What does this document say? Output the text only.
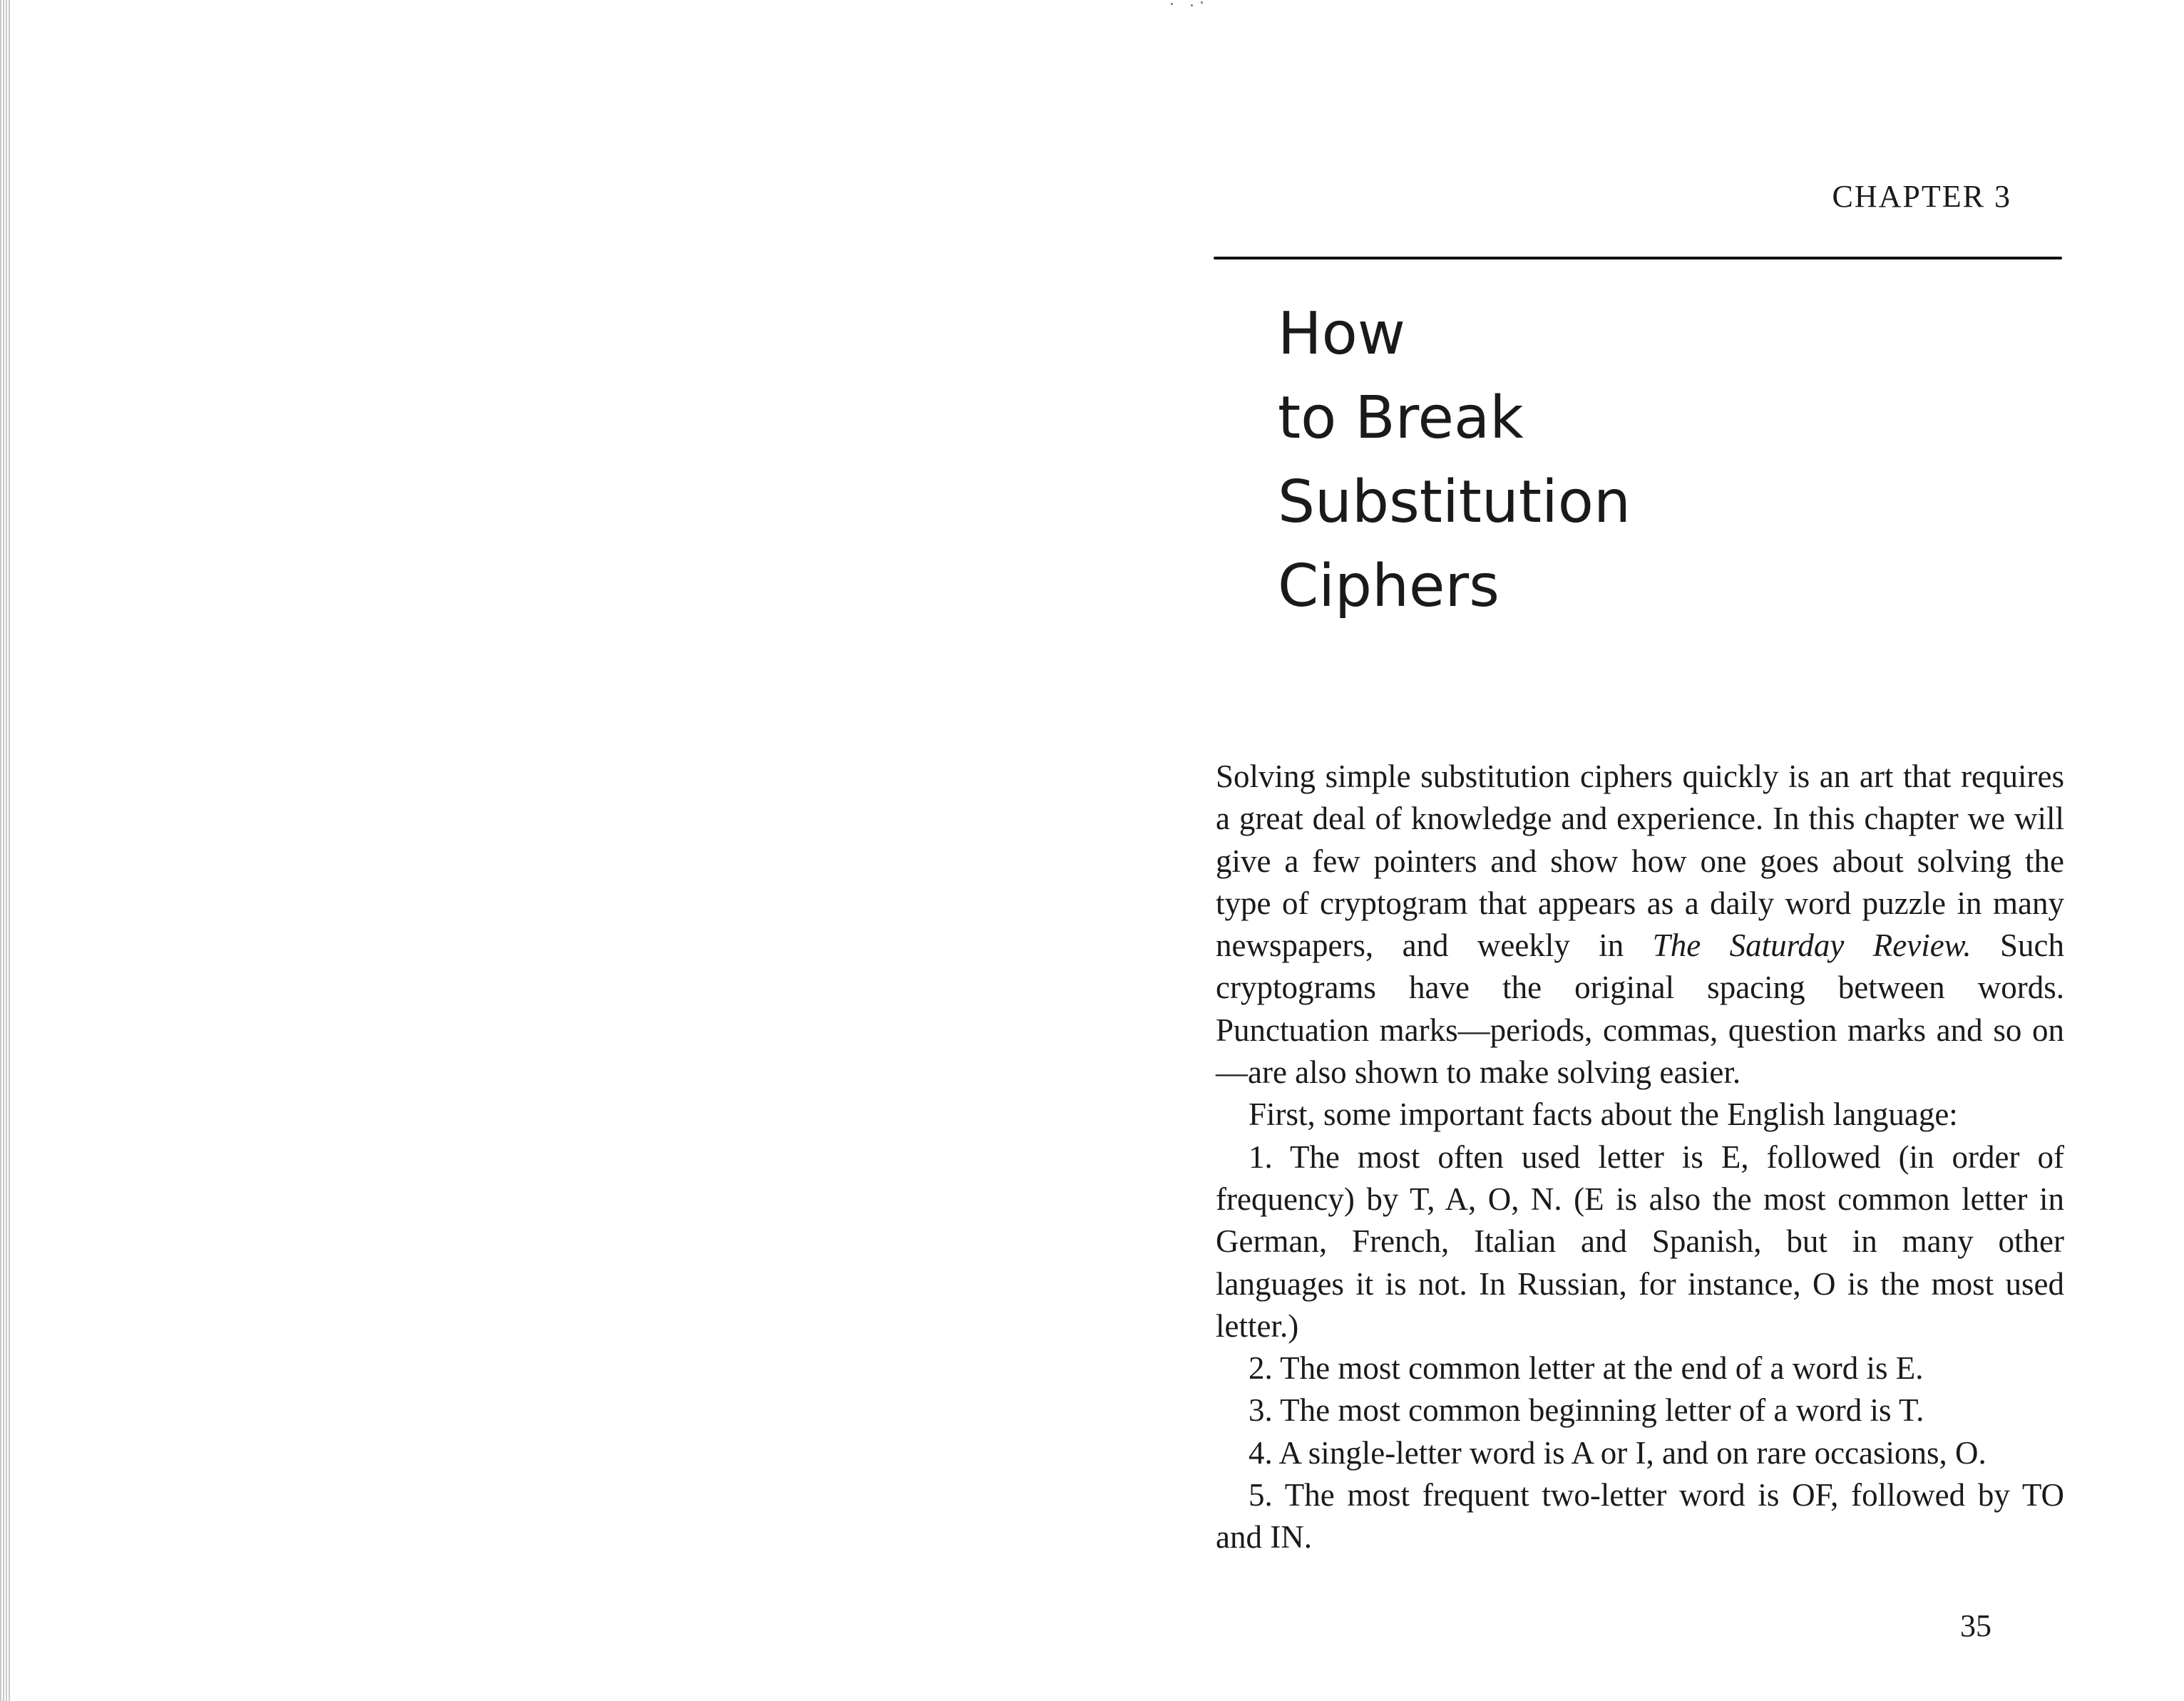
CHAPTER 3
How
to Break
Substitution
Ciphers

Solving simple substitution ciphers quickly is an art that requires a great deal of knowledge and experience. In this chapter we will give a few pointers and show how one goes about solving the type of cryptogram that appears as a daily word puzzle in many newspapers, and weekly in The Saturday Review. Such cryptograms have the original spacing between words. Punctuation marks—periods, commas, question marks and so on—are also shown to make solving easier.

First, some important facts about the English language:

1. The most often used letter is E, followed (in order of frequency) by T, A, O, N. (E is also the most common letter in German, French, Italian and Spanish, but in many other languages it is not. In Russian, for instance, O is the most used letter.)

2. The most common letter at the end of a word is E.

3. The most common beginning letter of a word is T.

4. A single-letter word is A or I, and on rare occasions, O.

5. The most frequent two-letter word is OF, followed by TO and IN.

35
